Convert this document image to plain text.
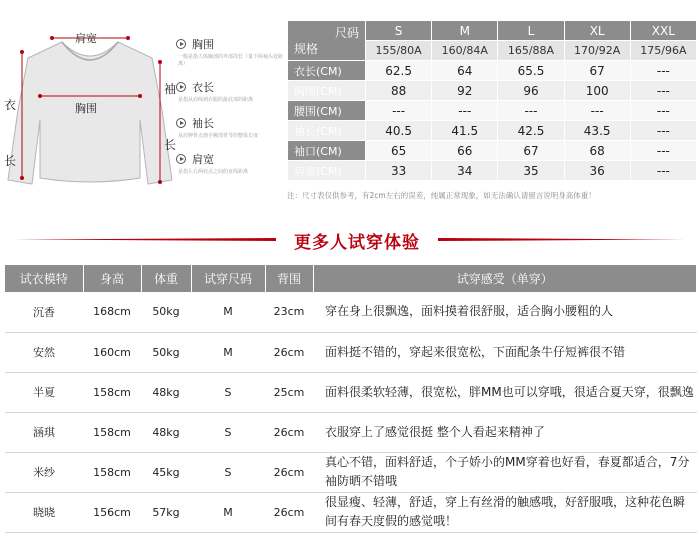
肩宽
胸围
衣
长
袖
长
胸围
一般是指人体胸部的外部周长（量下两袖头处距离）
衣长
是指从肩线到衣服的最底部的距离
袖长
从肩胛骨点到手腕部骨节的整体长度
肩宽
是指左右两肩点之间的直线距离
尺码
规格	S	M	L	XL	XXL
	155/80A	160/84A	165/88A	170/92A	175/96A
衣长(CM)	62.5	64	65.5	67	---
胸围(CM)	88	92	96	100	---
腰围(CM)	---	---	---	---	---
袖长(CM)	40.5	41.5	42.5	43.5	---
袖口(CM)	65	66	67	68	---
肩宽(CM)	33	34	35	36	---
注：尺寸表仅供参考，有2cm左右的误差，纯属正常现象，如无法确认请留言说明身高体重！
更多人试穿体验
试衣模特	身高	体重	试穿尺码	背围	试穿感受（单穿）
沉香	168cm	50kg	M	23cm	穿在身上很飘逸，面料摸着很舒服，适合胸小腰粗的人
安然	160cm	50kg	M	26cm	面料挺不错的，穿起来很宽松，下面配条牛仔短裤很不错
半夏	158cm	48kg	S	25cm	面料很柔软轻薄，很宽松，胖MM也可以穿哦，很适合夏天穿，很飘逸
涵琪	158cm	48kg	S	26cm	衣服穿上了感觉很挺 整个人看起来精神了
米纱	158cm	45kg	S	26cm	真心不错，面料舒适，个子娇小的MM穿着也好看，春夏都适合，7分袖防晒不错哦
晓晓	156cm	57kg	M	26cm	很显瘦、轻薄，舒适，穿上有丝滑的触感哦，好舒服哦，这种花色瞬间有春天度假的感觉哦！
